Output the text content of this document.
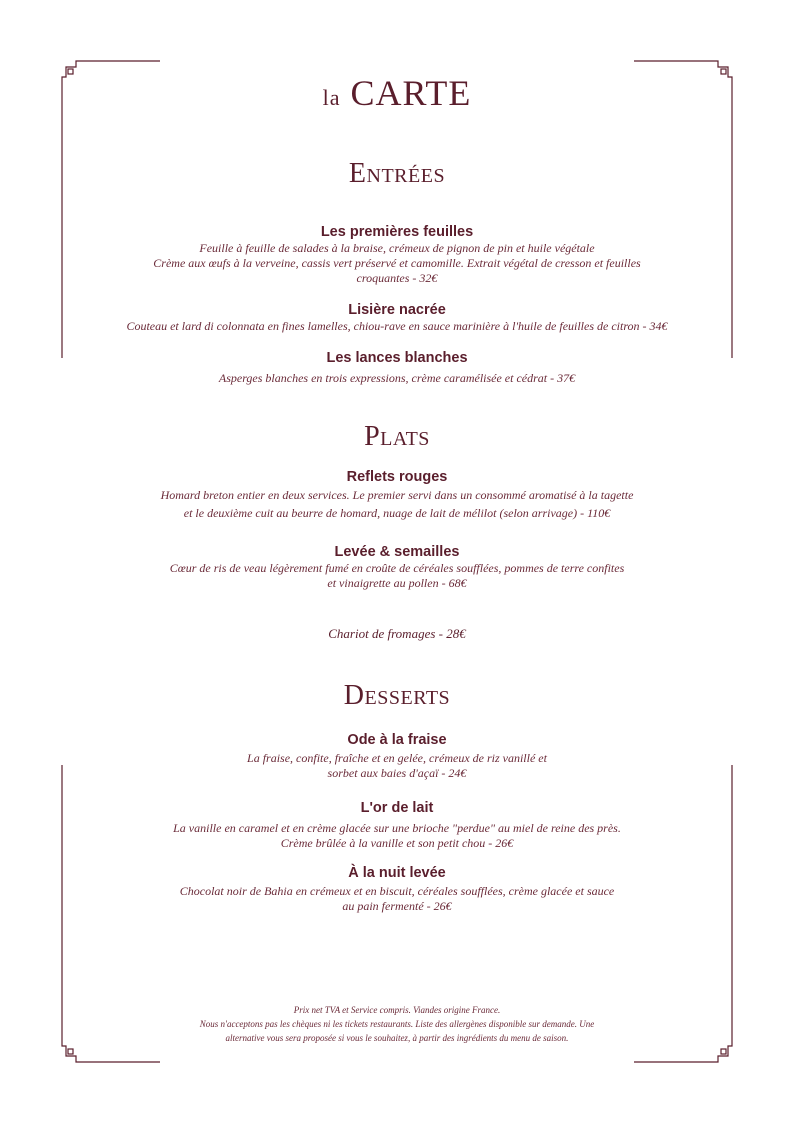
la CARTE
Entrées

Les premières feuilles

Feuille à feuille de salades à la braise, crémeux de pignon de pin et huile végétale

Crème aux œufs à la verveine, cassis vert préservé et camomille. Extrait végétal de cresson et feuilles

croquantes - 32€

Lisière nacrée

Couteau et lard di colonnata en fines lamelles, chiou-rave en sauce marinière à l'huile de feuilles de citron - 34€

Les lances blanches

Asperges blanches en trois expressions, crème caramélisée et cédrat - 37€

Plats

Reflets rouges

Homard breton entier en deux services. Le premier servi dans un consommé aromatisé à la tagette

et le deuxième cuit au beurre de homard, nuage de lait de mélilot (selon arrivage) - 110€

Levée & semailles

Cœur de ris de veau légèrement fumé en croûte de céréales soufflées, pommes de terre confites

et vinaigrette au pollen - 68€

Chariot de fromages - 28€
Desserts

Ode à la fraise

La fraise, confite, fraîche et en gelée, crémeux de riz vanillé et

sorbet aux baies d'açaï - 24€

L'or de lait

La vanille en caramel et en crème glacée sur une brioche "perdue" au miel de reine des près.

Crème brûlée à la vanille et son petit chou - 26€

À la nuit levée

Chocolat noir de Bahia en crémeux et en biscuit, céréales soufflées, crème glacée et sauce

au pain fermenté - 26€

Prix net TVA et Service compris. Viandes origine France.
Nous n'acceptons pas les chèques ni les tickets restaurants. Liste des allergènes disponible sur demande. Une
alternative vous sera proposée si vous le souhaitez, à partir des ingrédients du menu de saison.
